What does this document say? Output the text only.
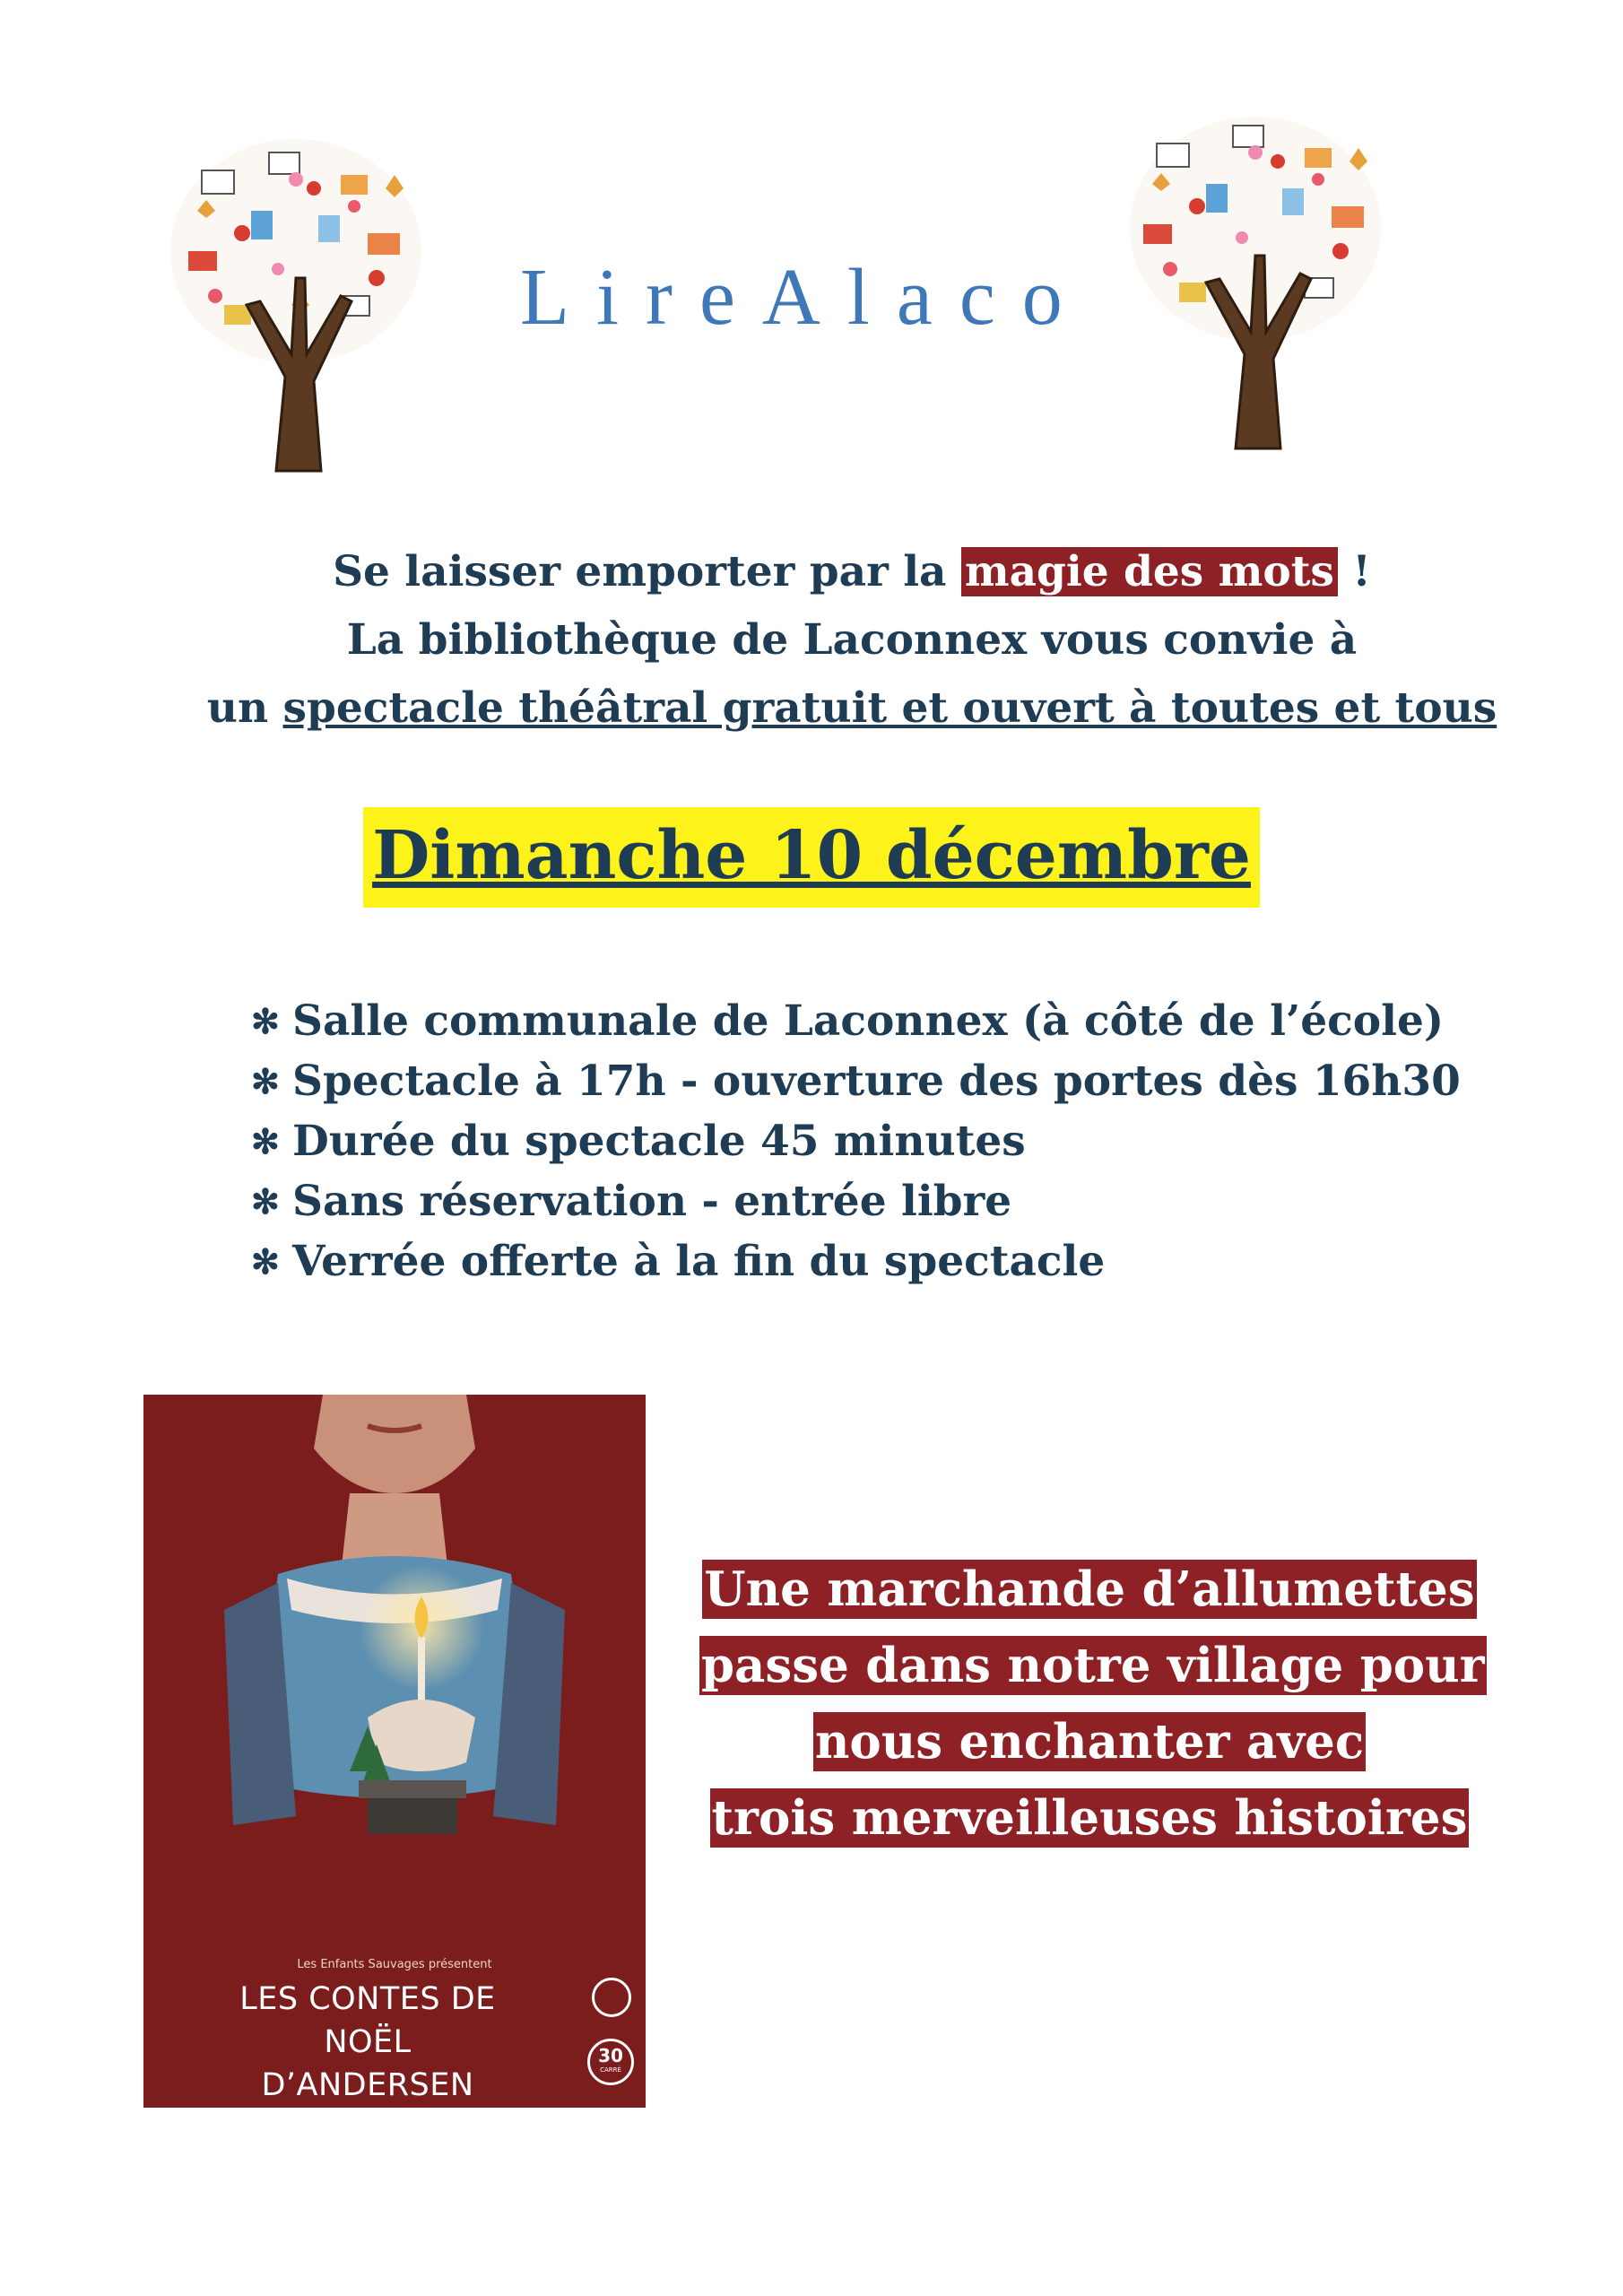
LireAlaco

Se laisser emporter par la magie des mots !

La bibliothèque de Laconnex vous convie à

un spectacle théâtral gratuit et ouvert à toutes et tous

Dimanche 10 décembre
✻ Salle communale de Laconnex (à côté de l’école)
✻ Spectacle à 17h - ouverture des portes dès 16h30
✻ Durée du spectacle 45 minutes
✻ Sans réservation - entrée libre
✻ Verrée offerte à la fin du spectacle
Les Enfants Sauvages présentent
LES CONTES DE NOËL
D’ANDERSEN
30
CARRÉ
Une marchande d’allumettes
passe dans notre village pour
nous enchanter avec
trois merveilleuses histoires
